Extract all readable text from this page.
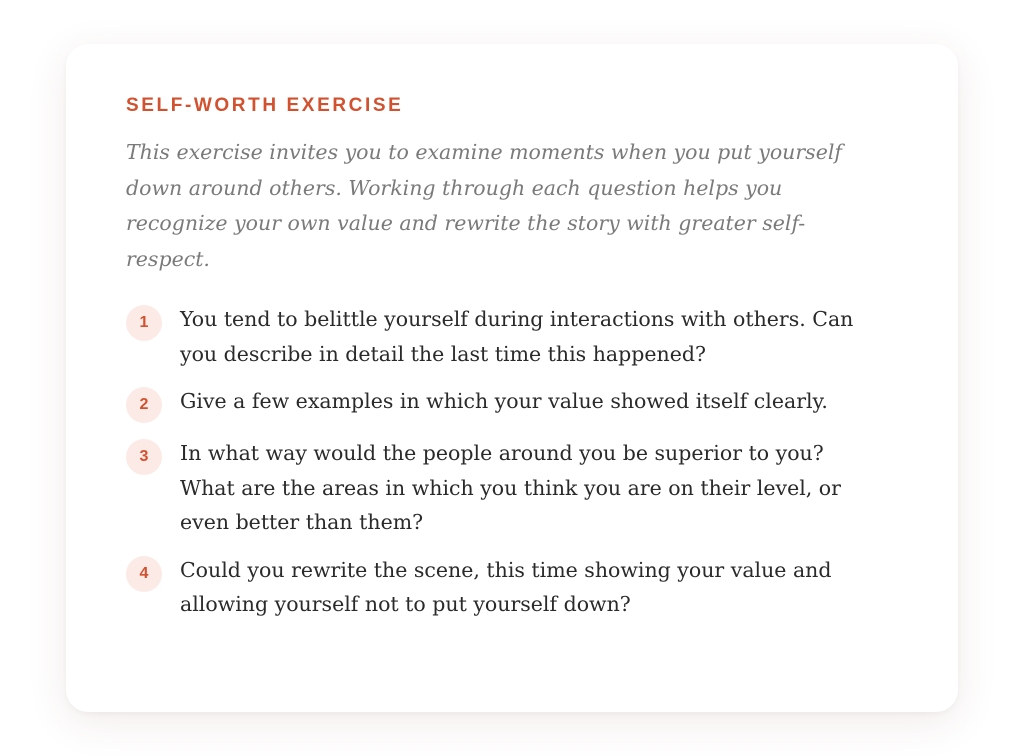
SELF-WORTH EXERCISE

This exercise invites you to examine moments when you put yourself down around others. Working through each question helps you recognize your own value and rewrite the story with greater self-respect.

1	You tend to belittle yourself during interactions with others. Can you describe in detail the last time this happened?
2	Give a few examples in which your value showed itself clearly.
3	In what way would the people around you be superior to you? What are the areas in which you think you are on their level, or even better than them?
4	Could you rewrite the scene, this time showing your value and allowing yourself not to put yourself down?
